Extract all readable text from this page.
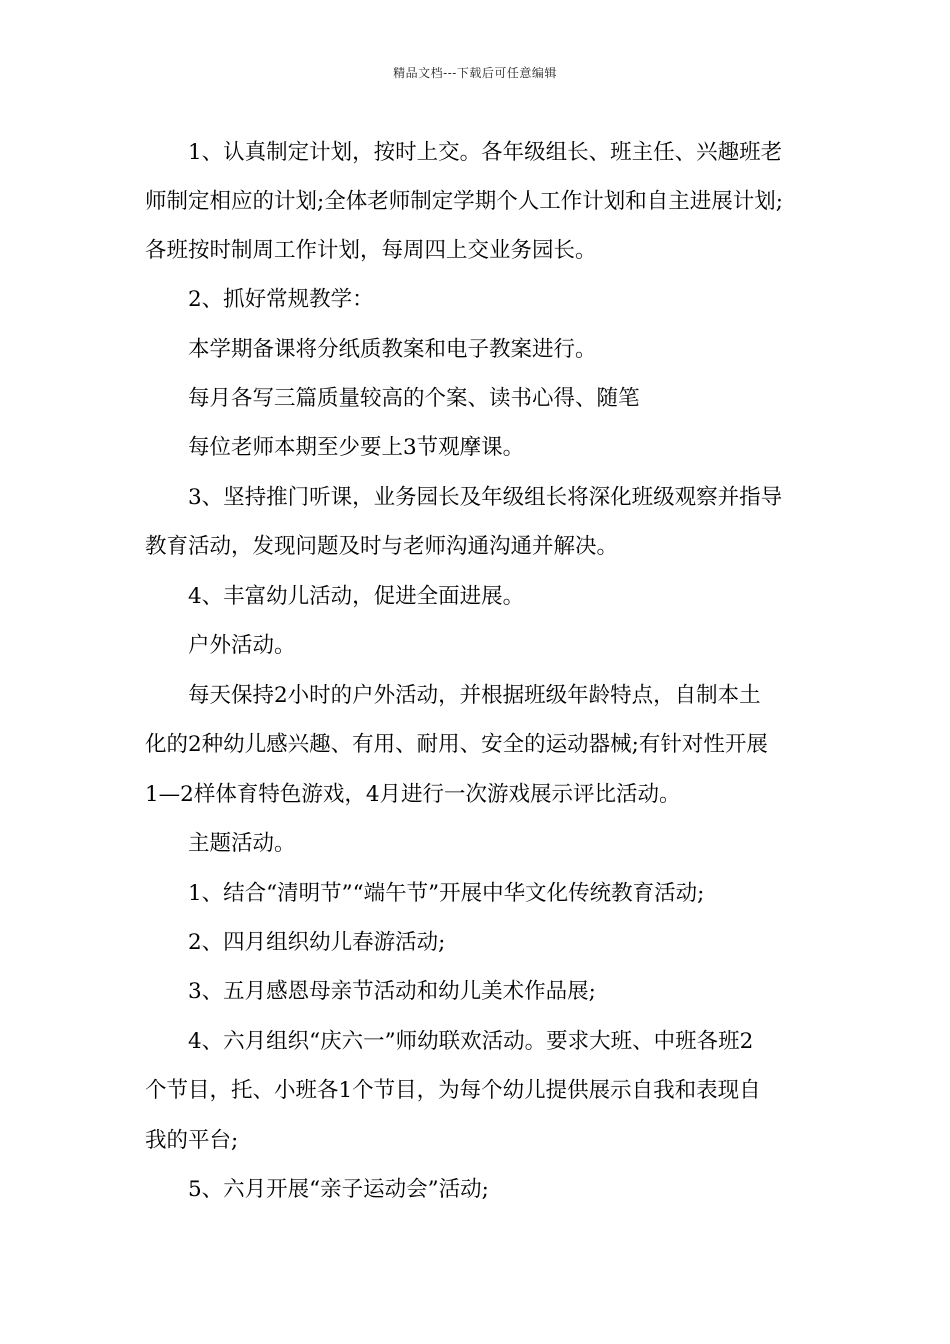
精品文档---下载后可任意编辑
1、认真制定计划，按时上交。各年级组长、班主任、兴趣班老
师制定相应的计划;全体老师制定学期个人工作计划和自主进展计划;
各班按时制周工作计划，每周四上交业务园长。
2、抓好常规教学：
本学期备课将分纸质教案和电子教案进行。
每月各写三篇质量较高的个案、读书心得、随笔
每位老师本期至少要上3节观摩课。
3、坚持推门听课，业务园长及年级组长将深化班级观察并指导
教育活动，发现问题及时与老师沟通沟通并解决。
4、丰富幼儿活动，促进全面进展。
户外活动。
每天保持2小时的户外活动，并根据班级年龄特点，自制本土
化的2种幼儿感兴趣、有用、耐用、安全的运动器械;有针对性开展
1—2样体育特色游戏，4月进行一次游戏展示评比活动。
主题活动。
1、结合“清明节”“端午节”开展中华文化传统教育活动;
2、四月组织幼儿春游活动;
3、五月感恩母亲节活动和幼儿美术作品展;
4、六月组织“庆六一”师幼联欢活动。要求大班、中班各班2
个节目，托、小班各1个节目，为每个幼儿提供展示自我和表现自
我的平台;
5、六月开展“亲子运动会”活动;
